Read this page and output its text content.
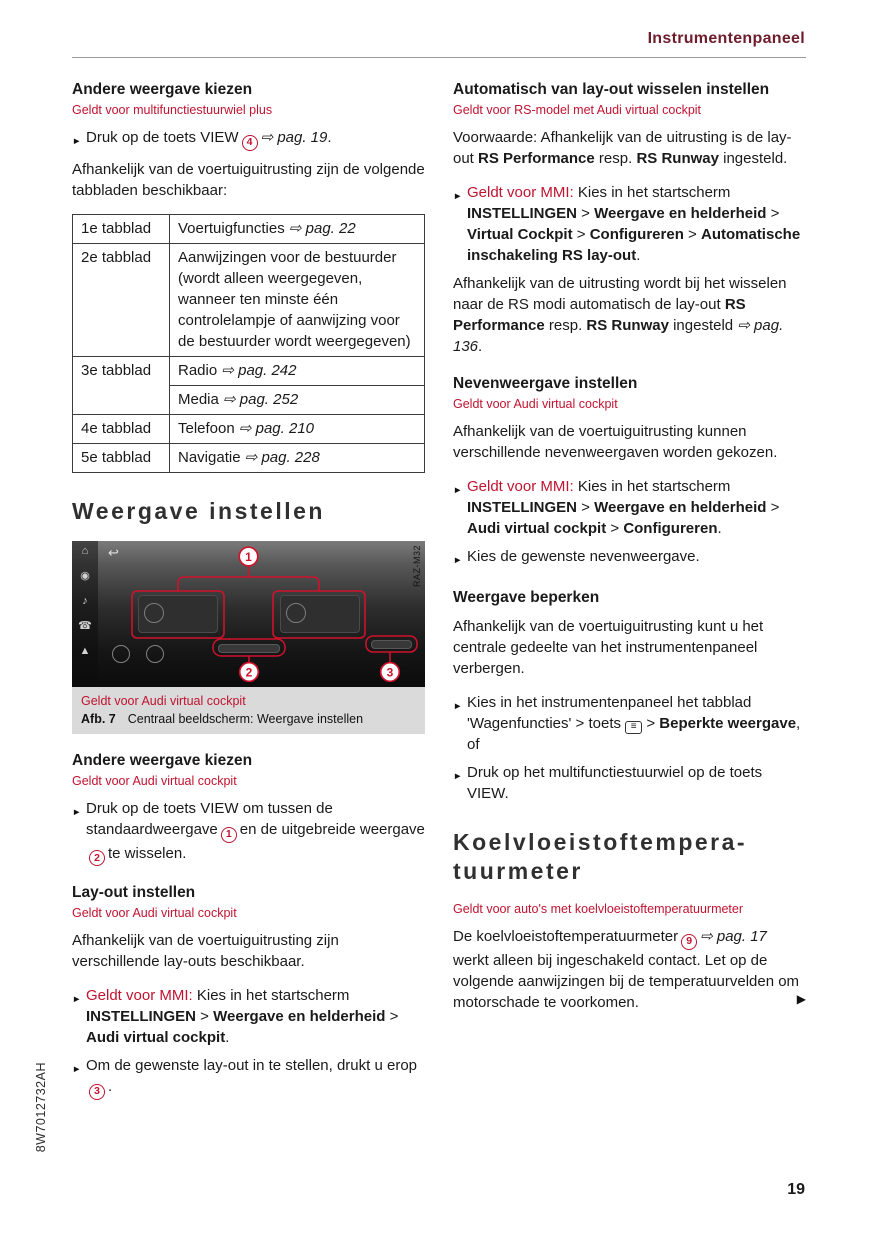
Instrumentenpaneel
Andere weergave kiezen
Geldt voor multifunctiestuurwiel plus
► Druk op de toets VIEW 4 ⇨ pag. 19.
Afhankelijk van de voertuiguitrusting zijn de volgende tabbladen beschikbaar:
1e tabblad	Voertuigfuncties ⇨ pag. 22
2e tabblad	Aanwijzingen voor de bestuurder (wordt alleen weergegeven, wanneer ten minste één controlelampje of aanwijzing voor de bestuurder wordt weergegeven)
3e tabblad	Radio ⇨ pag. 242
	Media ⇨ pag. 252
4e tabblad	Telefoon ⇨ pag. 210
5e tabblad	Navigatie ⇨ pag. 228
Weergave instellen
⌂
◉
♪
☎
▲
↩	RAZ-M32
1
2	3
Geldt voor Audi virtual cockpit
Afb. 7 Centraal beeldscherm: Weergave instellen
Andere weergave kiezen
Geldt voor Audi virtual cockpit
► Druk op de toets VIEW om tussen de standaardweergave 1 en de uitgebreide weergave2 te wisselen.
Lay-out instellen
Geldt voor Audi virtual cockpit
Afhankelijk van de voertuiguitrusting zijn verschillende lay-outs beschikbaar.
► Geldt voor MMI: Kies in het startscherm INSTELLINGEN > Weergave en helderheid > Audi virtual cockpit.
► Om de gewenste lay-out in te stellen, drukt u erop3 .
Automatisch van lay-out wisselen instellen
Geldt voor RS-model met Audi virtual cockpit
Voorwaarde: Afhankelijk van de uitrusting is de lay-out RS Performance resp. RS Runway ingesteld.
► Geldt voor MMI: Kies in het startscherm INSTELLINGEN > Weergave en helderheid > Virtual Cockpit > Configureren > Automatische inschakeling RS lay-out.
Afhankelijk van de uitrusting wordt bij het wisselen naar de RS modi automatisch de lay-out RS Performance resp. RS Runway ingesteld ⇨ pag. 136.
Nevenweergave instellen
Geldt voor Audi virtual cockpit
Afhankelijk van de voertuiguitrusting kunnen verschillende nevenweergaven worden gekozen.
► Geldt voor MMI: Kies in het startscherm INSTELLINGEN > Weergave en helderheid > Audi virtual cockpit > Configureren.
► Kies de gewenste nevenweergave.
Weergave beperken
Afhankelijk van de voertuiguitrusting kunt u het centrale gedeelte van het instrumentenpaneel verbergen.
► Kies in het instrumentenpaneel het tabblad 'Wagenfuncties' > toets ≡ > Beperkte weergave, of
► Druk op het multifunctiestuurwiel op de toets VIEW.
Koelvloeistoftempera-
tuurmeter
Geldt voor auto's met koelvloeistoftemperatuurmeter
De koelvloeistoftemperatuurmeter 9 ⇨ pag. 17 werkt alleen bij ingeschakeld contact. Let op de volgende aanwijzingen bij de temperatuurvelden om motorschade te voorkomen.	▶
8W7012732AH
19
